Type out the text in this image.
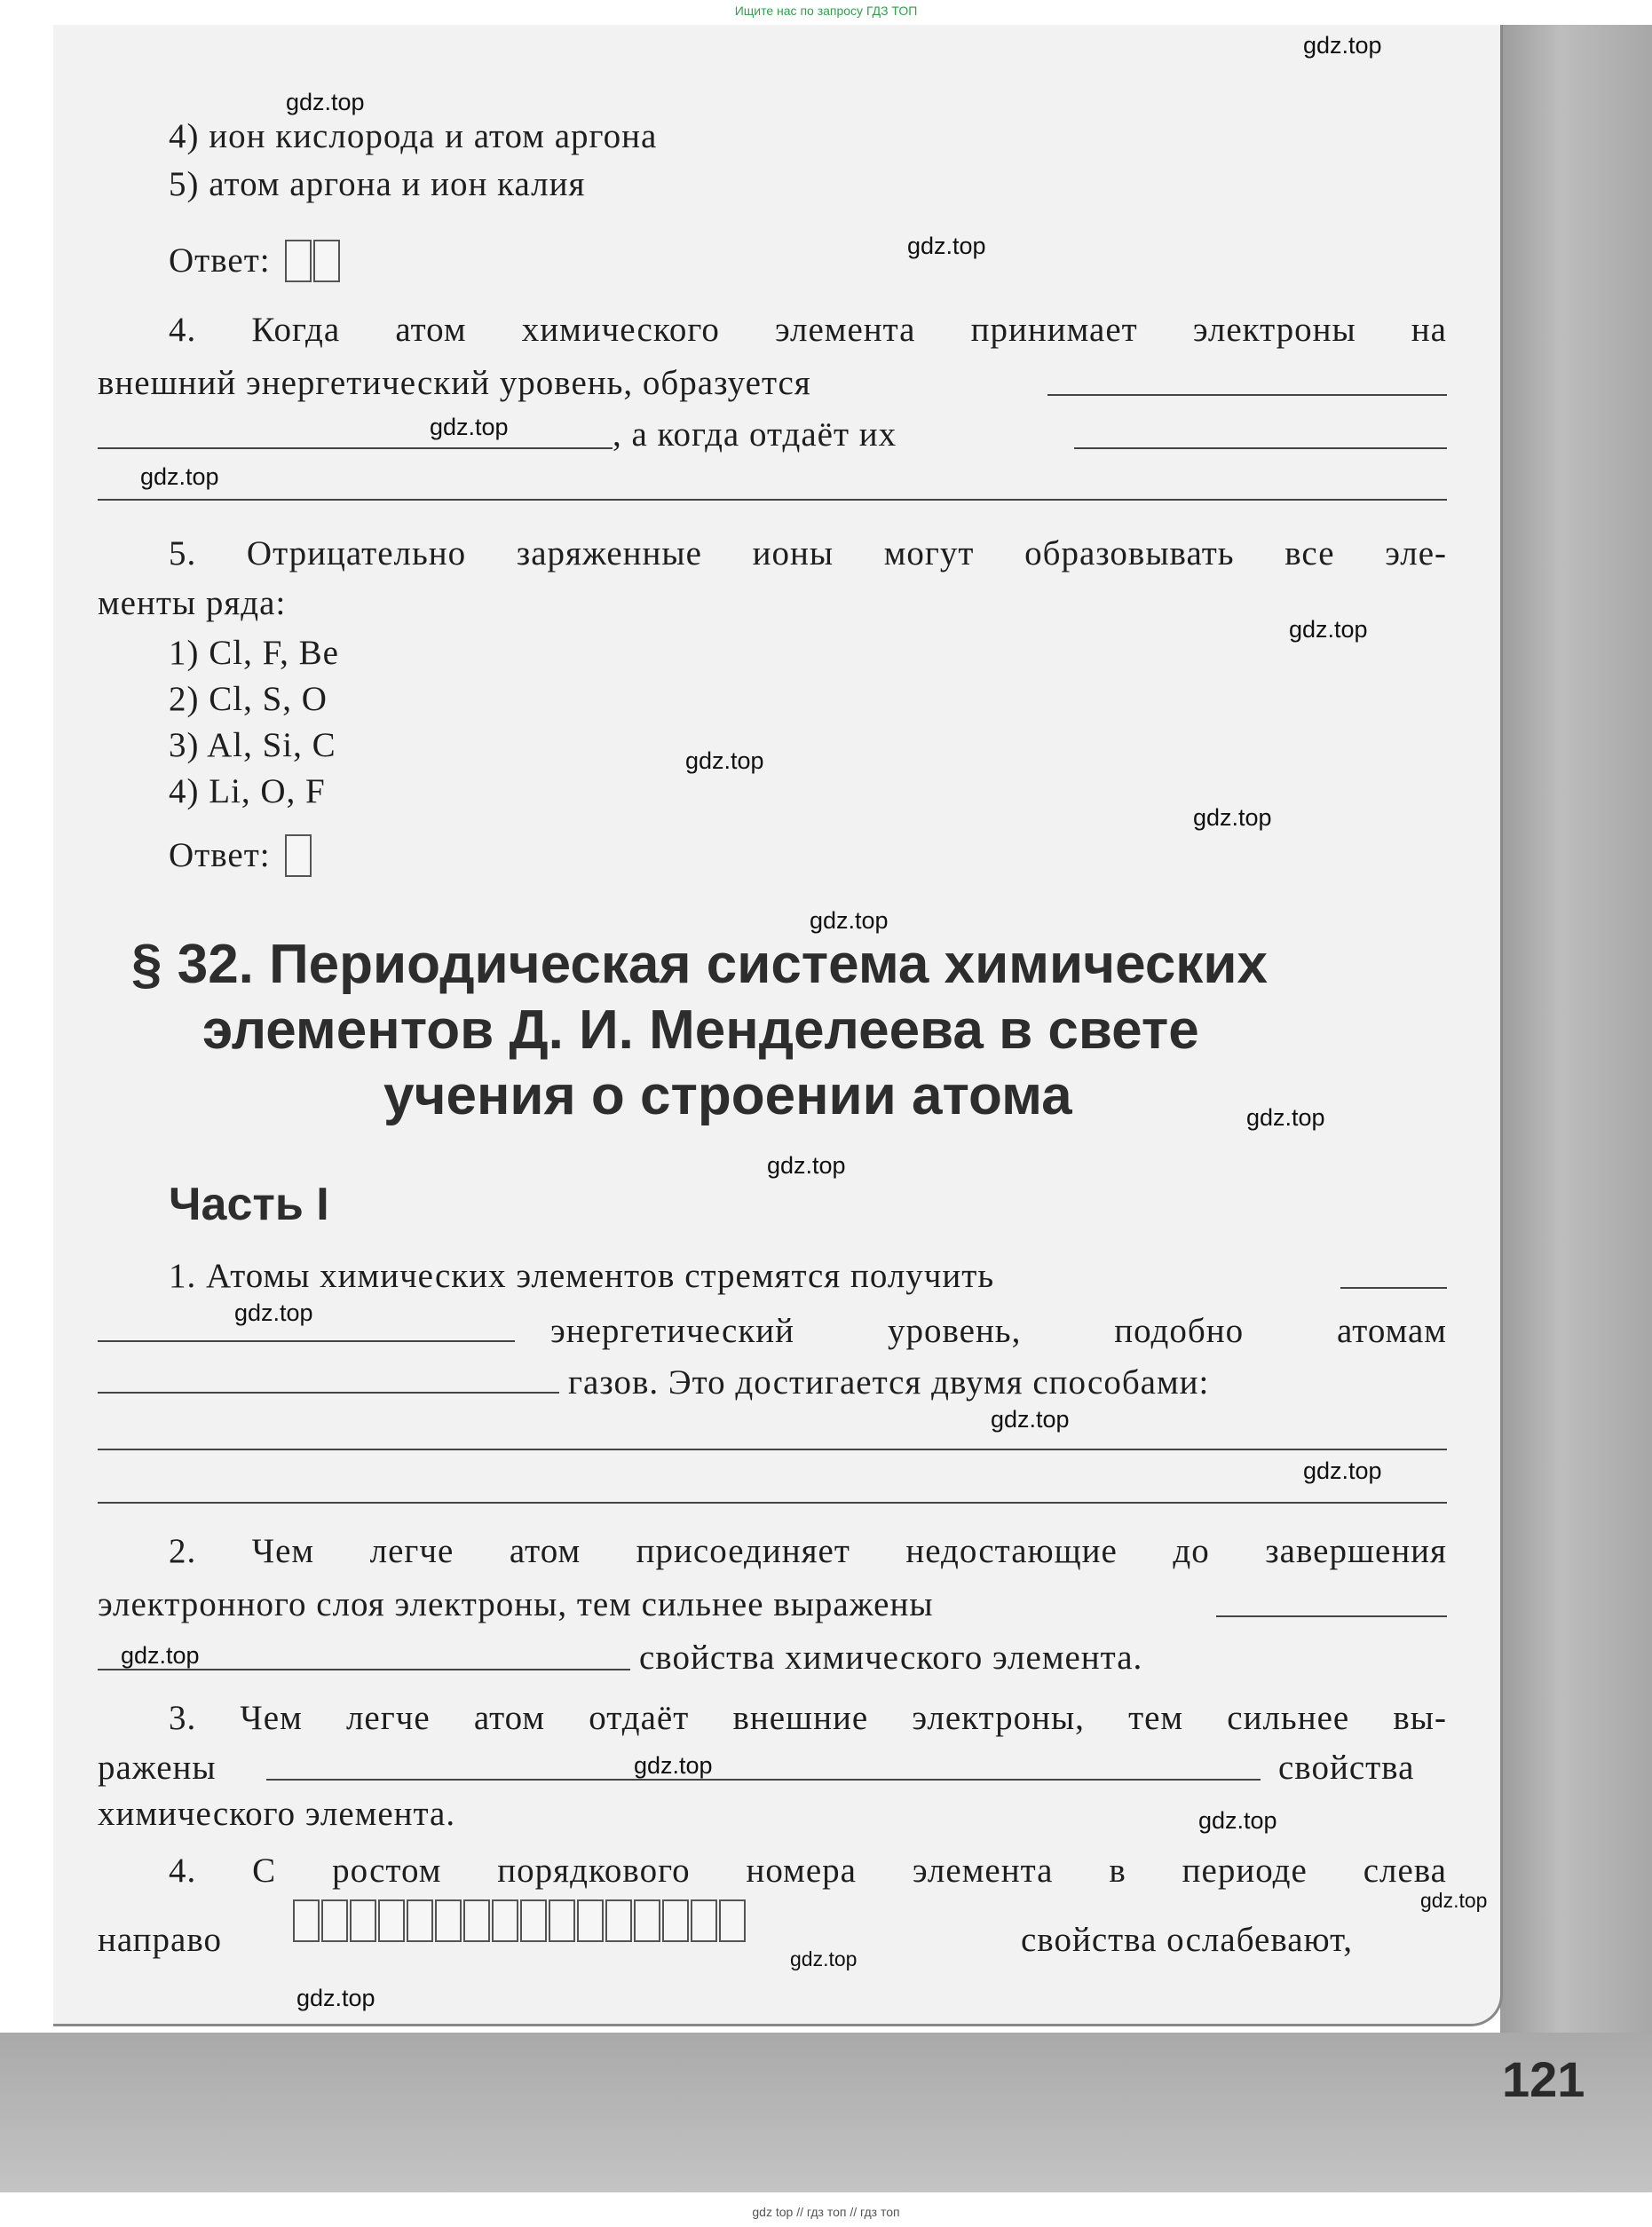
Ищите нас по запросу ГДЗ ТОП
121
4) ион кислорода и атом аргона
5) атом аргона и ион калия
Ответ:
4. Когда атом химического элемента принимает электроны на
внешний энергетический уровень, образуется
, а когда отдаёт их
5. Отрицательно заряженные ионы могут образовывать все эле-
менты ряда:
1) Cl, F, Be
2) Cl, S, O
3) Al, Si, C
4) Li, O, F
Ответ:
§ 32. Периодическая система химических
элементов Д. И. Менделеева в свете
учения о строении атома
Часть I
1. Атомы химических элементов стремятся получить
энергетический уровень, подобно атомам
газов. Это достигается двумя способами:
2. Чем легче атом присоединяет недостающие до завершения
электронного слоя электроны, тем сильнее выражены
свойства химического элемента.
3. Чем легче атом отдаёт внешние электроны, тем сильнее вы-
ражены	свойства
химического элемента.
4. С ростом порядкового номера элемента в периоде слева
направо	свойства ослабевают,
gdz.top
gdz.top
gdz.top
gdz.top
gdz.top
gdz.top
gdz.top
gdz.top
gdz.top
gdz.top
gdz.top
gdz.top
gdz.top
gdz.top
gdz.top
gdz.top
gdz.top
gdz.top
gdz.top
gdz.top
gdz top // гдз топ // гдз топ
